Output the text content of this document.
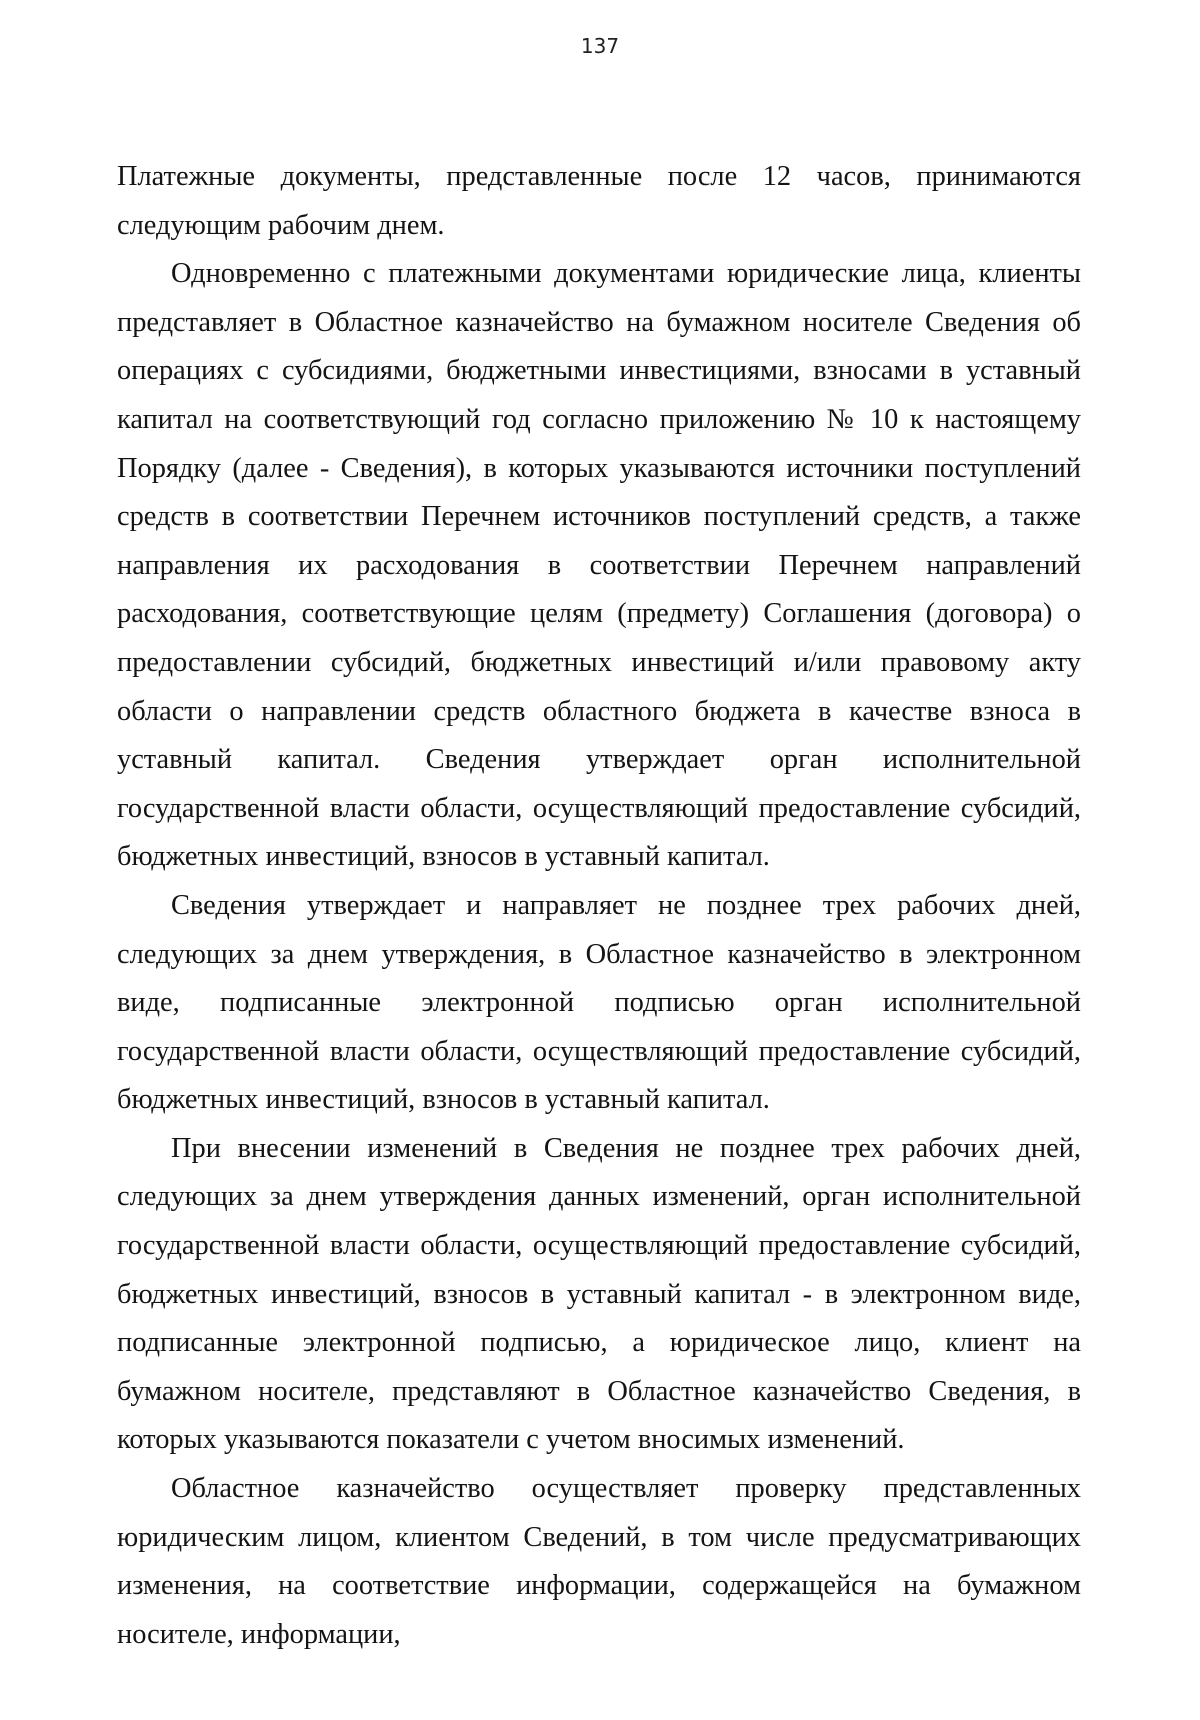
137

Платежные документы, представленные после 12 часов, принимаются следующим рабочим днем.

Одновременно с платежными документами юридические лица, клиенты представляет в Областное казначейство на бумажном носителе Сведения об операциях с субсидиями, бюджетными инвестициями, взносами в уставный капитал на соответствующий год согласно приложению № 10 к настоящему Порядку (далее - Сведения), в которых указываются источники поступлений средств в соответствии Перечнем источников поступлений средств, а также направления их расходования в соответствии Перечнем направлений расходования, соответствующие целям (предмету) Соглашения (договора) о предоставлении субсидий, бюджетных инвестиций и/или правовому акту области о направлении средств областного бюджета в качестве взноса в уставный капитал. Сведения утверждает орган исполнительной государственной власти области, осуществляющий предоставление субсидий, бюджетных инвестиций, взносов в уставный капитал.

Сведения утверждает и направляет не позднее трех рабочих дней, следующих за днем утверждения, в Областное казначейство в электронном виде, подписанные электронной подписью орган исполнительной государственной власти области, осуществляющий предоставление субсидий, бюджетных инвестиций, взносов в уставный капитал.

При внесении изменений в Сведения не позднее трех рабочих дней, следующих за днем утверждения данных изменений, орган исполнительной государственной власти области, осуществляющий предоставление субсидий, бюджетных инвестиций, взносов в уставный капитал - в электронном виде, подписанные электронной подписью, а юридическое лицо, клиент на бумажном носителе, представляют в Областное казначейство Сведения, в которых указываются показатели с учетом вносимых изменений.

Областное казначейство осуществляет проверку представленных юридическим лицом, клиентом Сведений, в том числе предусматривающих изменения, на соответствие информации, содержащейся на бумажном носителе, информации,
